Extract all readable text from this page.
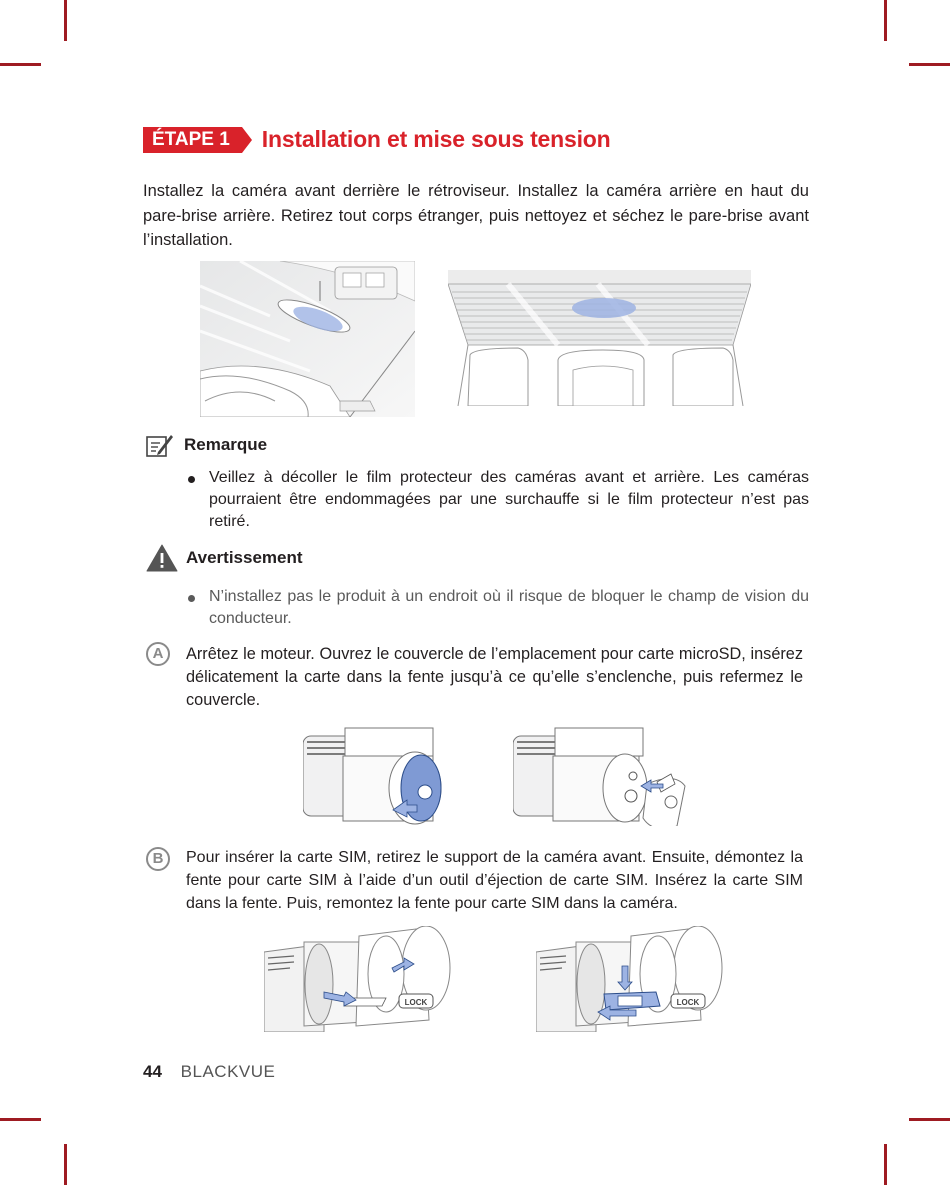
ÉTAPE 1	Installation et mise sous tension

Installez la caméra avant derrière le rétroviseur. Installez la caméra arrière en haut du pare-brise arrière. Retirez tout corps étranger, puis nettoyez et séchez le pare-brise avant l’installation.

Remarque
Veillez à décoller le film protecteur des caméras avant et arrière. Les caméras pourraient être endommagées par une surchauffe si le film protecteur n’est pas retiré.
Avertissement
N’installez pas le produit à un endroit où il risque de bloquer le champ de vision du conducteur.
A	Arrêtez le moteur. Ouvrez le couvercle de l’emplacement pour carte microSD, insérez délicatement la carte dans la fente jusqu’à ce qu’elle s’enclenche, puis refermez le couvercle.

B	Pour insérer la carte SIM, retirez le support de la caméra avant. Ensuite, démontez la fente pour carte SIM à l’aide d’un outil d’éjection de carte SIM. Insérez la carte SIM dans la fente. Puis, remontez la fente pour carte SIM dans la caméra.

LOCK	LOCK
44 BLACKVUE
